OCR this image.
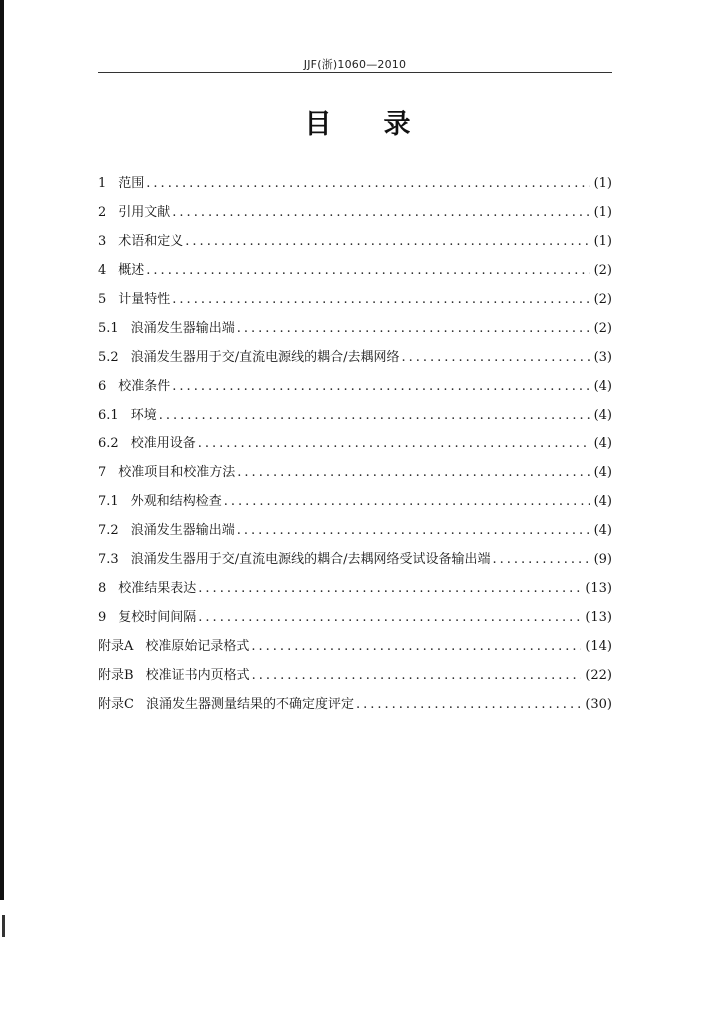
JJF(浙)1060—2010
目录
1 范围 .....	(1)
2 引用文献 .....	(1)
3 术语和定义 .....	(1)
4 概述 .....	(2)
5 计量特性 .....	(2)
5.1 浪涌发生器输出端 .....	(2)
5.2 浪涌发生器用于交/直流电源线的耦合/去耦网络 .....	(3)
6 校准条件 .....	(4)
6.1 环境 .....	(4)
6.2 校准用设备 .....	(4)
7 校准项目和校准方法 .....	(4)
7.1 外观和结构检查 .....	(4)
7.2 浪涌发生器输出端 .....	(4)
7.3 浪涌发生器用于交/直流电源线的耦合/去耦网络受试设备输出端 .....	(9)
8 校准结果表达 .....	(13)
9 复校时间间隔 .....	(13)
附录A 校准原始记录格式 .....	(14)
附录B 校准证书内页格式 .....	(22)
附录C 浪涌发生器测量结果的不确定度评定 .....	(30)
